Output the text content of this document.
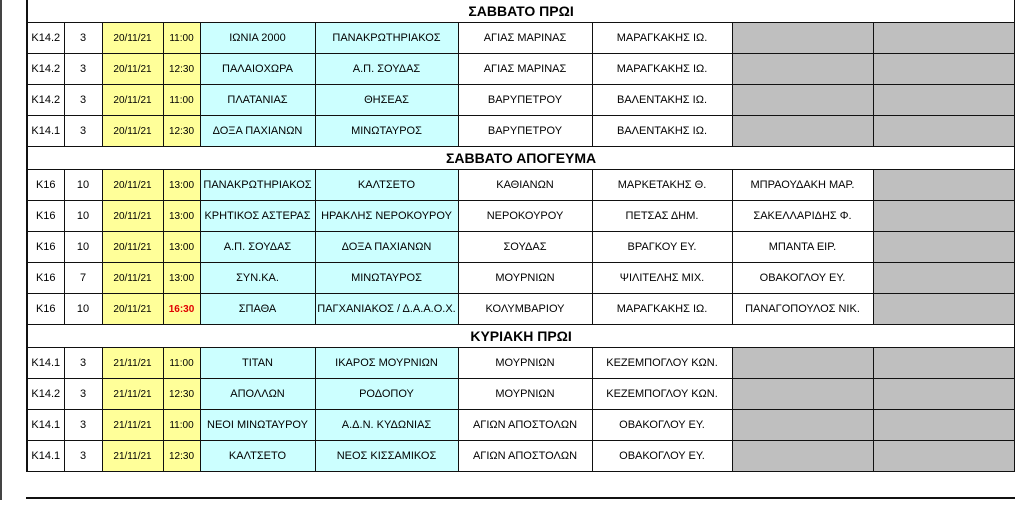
ΣΑΒΒΑΤΟ ΠΡΩΙ									
Κ14.2	3	20/11/21	11:00	ΙΩΝΙΑ 2000	ΠΑΝΑΚΡΩΤΗΡΙΑΚΟΣ	ΑΓΙΑΣ ΜΑΡΙΝΑΣ	ΜΑΡΑΓΚΑΚΗΣ ΙΩ.		
Κ14.2	3	20/11/21	12:30	ΠΑΛΑΙΟΧΩΡΑ	Α.Π. ΣΟΥΔΑΣ	ΑΓΙΑΣ ΜΑΡΙΝΑΣ	ΜΑΡΑΓΚΑΚΗΣ ΙΩ.		
Κ14.2	3	20/11/21	11:00	ΠΛΑΤΑΝΙΑΣ	ΘΗΣΕΑΣ	ΒΑΡΥΠΕΤΡΟΥ	ΒΑΛΕΝΤΑΚΗΣ ΙΩ.		
Κ14.1	3	20/11/21	12:30	ΔΟΞΑ ΠΑΧΙΑΝΩΝ	ΜΙΝΩΤΑΥΡΟΣ	ΒΑΡΥΠΕΤΡΟΥ	ΒΑΛΕΝΤΑΚΗΣ ΙΩ.		
ΣΑΒΒΑΤΟ ΑΠΟΓΕΥΜΑ									
Κ16	10	20/11/21	13:00	ΠΑΝΑΚΡΩΤΗΡΙΑΚΟΣ	ΚΑΛΤΣΕΤΟ	ΚΑΘΙΑΝΩΝ	ΜΑΡΚΕΤΑΚΗΣ Θ.	ΜΠΡΑΟΥΔΑΚΗ ΜΑΡ.	
Κ16	10	20/11/21	13:00	ΚΡΗΤΙΚΟΣ ΑΣΤΕΡΑΣ	ΗΡΑΚΛΗΣ ΝΕΡΟΚΟΥΡΟΥ	ΝΕΡΟΚΟΥΡΟΥ	ΠΕΤΣΑΣ ΔΗΜ.	ΣΑΚΕΛΛΑΡΙΔΗΣ Φ.	
Κ16	10	20/11/21	13:00	Α.Π. ΣΟΥΔΑΣ	ΔΟΞΑ ΠΑΧΙΑΝΩΝ	ΣΟΥΔΑΣ	ΒΡΑΓΚΟΥ ΕΥ.	ΜΠΑΝΤΑ ΕΙΡ.	
Κ16	7	20/11/21	13:00	ΣΥΝ.ΚΑ.	ΜΙΝΩΤΑΥΡΟΣ	ΜΟΥΡΝΙΩΝ	ΨΙΛΙΤΕΛΗΣ ΜΙΧ.	ΟΒΑΚΟΓΛΟΥ ΕΥ.	
Κ16	10	20/11/21	16:30	ΣΠΑΘΑ	ΠΑΓΧΑΝΙΑΚΟΣ / Δ.Α.Α.Ο.Χ.	ΚΟΛΥΜΒΑΡΙΟΥ	ΜΑΡΑΓΚΑΚΗΣ ΙΩ.	ΠΑΝΑΓΟΠΟΥΛΟΣ ΝΙΚ.	
ΚΥΡΙΑΚΗ ΠΡΩΙ									
Κ14.1	3	21/11/21	11:00	ΤΙΤΑΝ	ΙΚΑΡΟΣ ΜΟΥΡΝΙΩΝ	ΜΟΥΡΝΙΩΝ	ΚΕΖΕΜΠΟΓΛΟΥ ΚΩΝ.		
Κ14.2	3	21/11/21	12:30	ΑΠΟΛΛΩΝ	ΡΟΔΟΠΟΥ	ΜΟΥΡΝΙΩΝ	ΚΕΖΕΜΠΟΓΛΟΥ ΚΩΝ.		
Κ14.1	3	21/11/21	11:00	ΝΕΟΙ ΜΙΝΩΤΑΥΡΟΥ	Α.Δ.Ν. ΚΥΔΩΝΙΑΣ	ΑΓΙΩΝ ΑΠΟΣΤΟΛΩΝ	ΟΒΑΚΟΓΛΟΥ ΕΥ.		
Κ14.1	3	21/11/21	12:30	ΚΑΛΤΣΕΤΟ	ΝΕΟΣ ΚΙΣΣΑΜΙΚΟΣ	ΑΓΙΩΝ ΑΠΟΣΤΟΛΩΝ	ΟΒΑΚΟΓΛΟΥ ΕΥ.		
